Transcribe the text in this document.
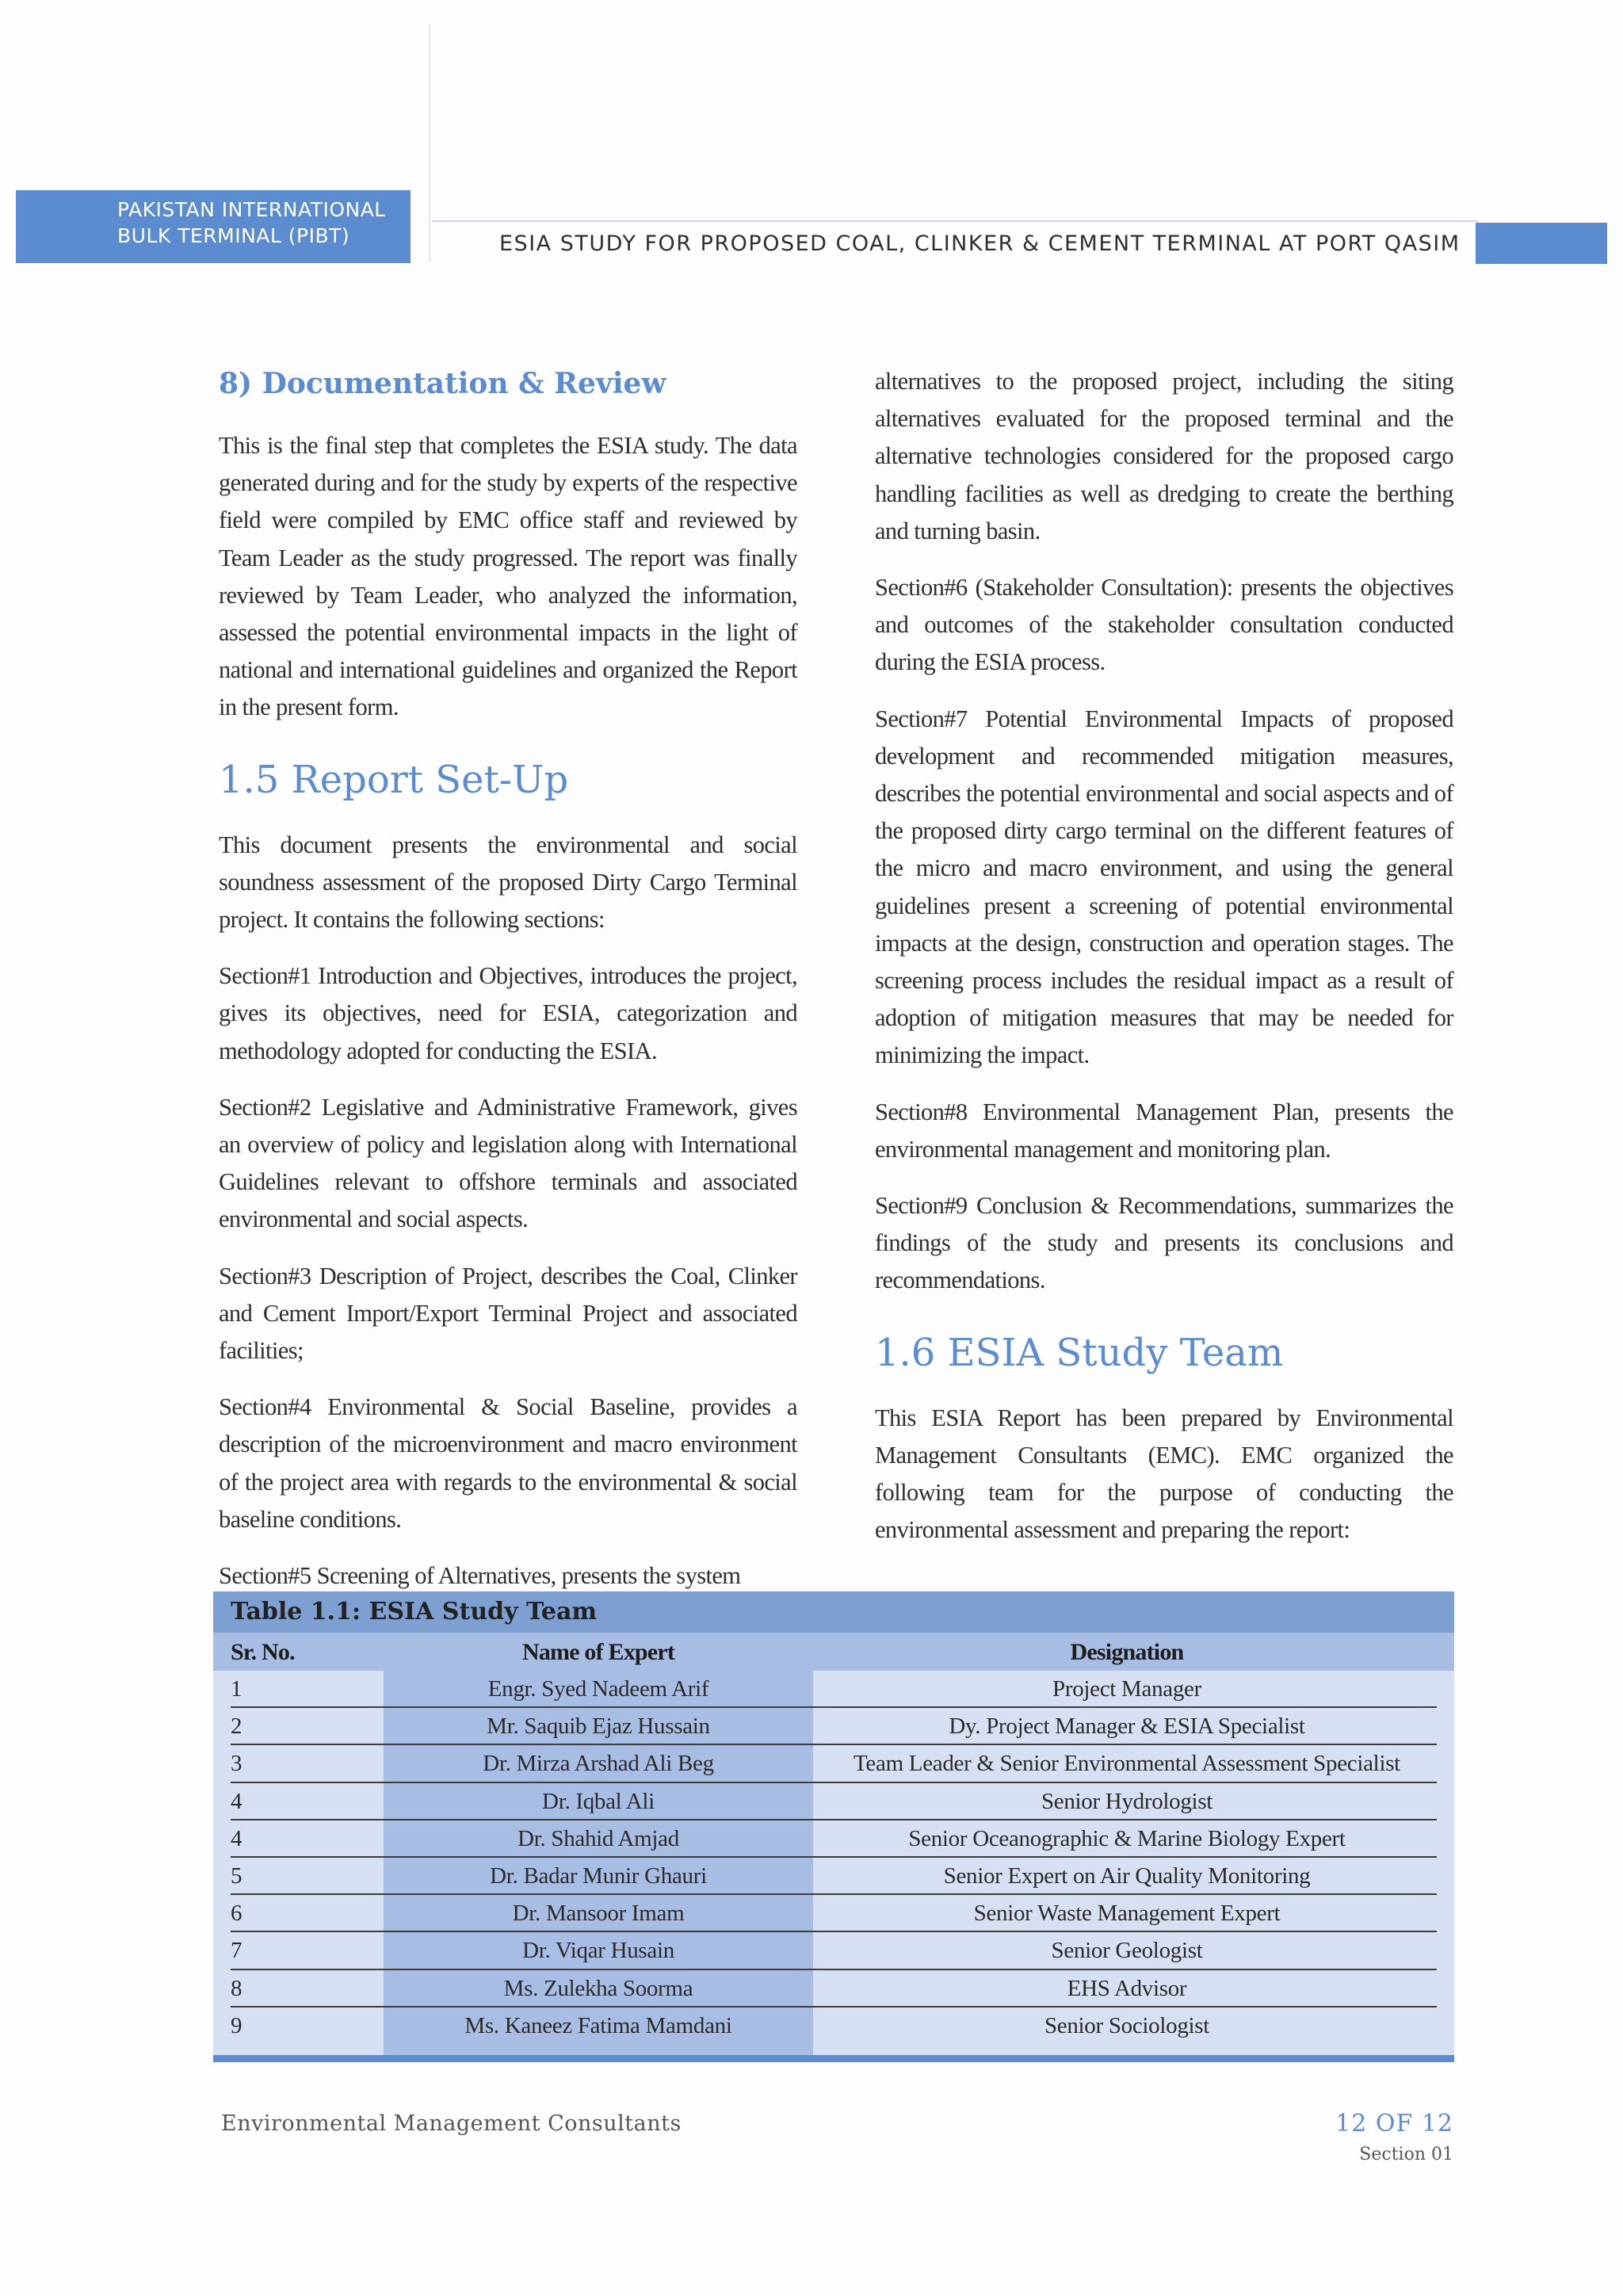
PAKISTAN INTERNATIONAL
BULK TERMINAL (PIBT)	ESIA STUDY FOR PROPOSED COAL, CLINKER & CEMENT TERMINAL AT PORT QASIM
8) Documentation & Review

This is the final step that completes the ESIA study. The data generated during and for the study by experts of the respective field were compiled by EMC office staff and reviewed by Team Leader as the study progressed. The report was finally reviewed by Team Leader, who analyzed the information, assessed the potential environmental impacts in the light of national and international guidelines and organized the Report in the present form.

1.5 Report Set-Up

This document presents the environmental and social soundness assessment of the proposed Dirty Cargo Terminal project. It contains the following sections:

Section#1 Introduction and Objectives, introduces the project, gives its objectives, need for ESIA, categorization and methodology adopted for conducting the ESIA.

Section#2 Legislative and Administrative Framework, gives an overview of policy and legislation along with International Guidelines relevant to offshore terminals and associated environmental and social aspects.

Section#3 Description of Project, describes the Coal, Clinker and Cement Import/Export Terminal Project and associated facilities;

Section#4 Environmental & Social Baseline, provides a description of the microenvironment and macro environment of the project area with regards to the environmental & social baseline conditions.

Section#5 Screening of Alternatives, presents the system

alternatives to the proposed project, including the siting alternatives evaluated for the proposed terminal and the alternative technologies considered for the proposed cargo handling facilities as well as dredging to create the berthing and turning basin.

Section#6 (Stakeholder Consultation): presents the objectives and outcomes of the stakeholder consultation conducted during the ESIA process.

Section#7 Potential Environmental Impacts of proposed development and recommended mitigation measures, describes the potential environmental and social aspects and of the proposed dirty cargo terminal on the different features of the micro and macro environment, and using the general guidelines present a screening of potential environmental impacts at the design, construction and operation stages. The screening process includes the residual impact as a result of adoption of mitigation measures that may be needed for minimizing the impact.

Section#8 Environmental Management Plan, presents the environmental management and monitoring plan.

Section#9 Conclusion & Recommendations, summarizes the findings of the study and presents its conclusions and recommendations.

1.6 ESIA Study Team

This ESIA Report has been prepared by Environmental Management Consultants (EMC). EMC organized the following team for the purpose of conducting the environmental assessment and preparing the report:

Table 1.1: ESIA Study Team
Sr. No.	Name of Expert	Designation
1	Engr. Syed Nadeem Arif	Project Manager
2	Mr. Saquib Ejaz Hussain	Dy. Project Manager & ESIA Specialist
3	Dr. Mirza Arshad Ali Beg	Team Leader & Senior Environmental Assessment Specialist
4	Dr. Iqbal Ali	Senior Hydrologist
4	Dr. Shahid Amjad	Senior Oceanographic & Marine Biology Expert
5	Dr. Badar Munir Ghauri	Senior Expert on Air Quality Monitoring
6	Dr. Mansoor Imam	Senior Waste Management Expert
7	Dr. Viqar Husain	Senior Geologist
8	Ms. Zulekha Soorma	EHS Advisor
9	Ms. Kaneez Fatima Mamdani	Senior Sociologist
Environmental Management Consultants	12 OF 12
Section 01
